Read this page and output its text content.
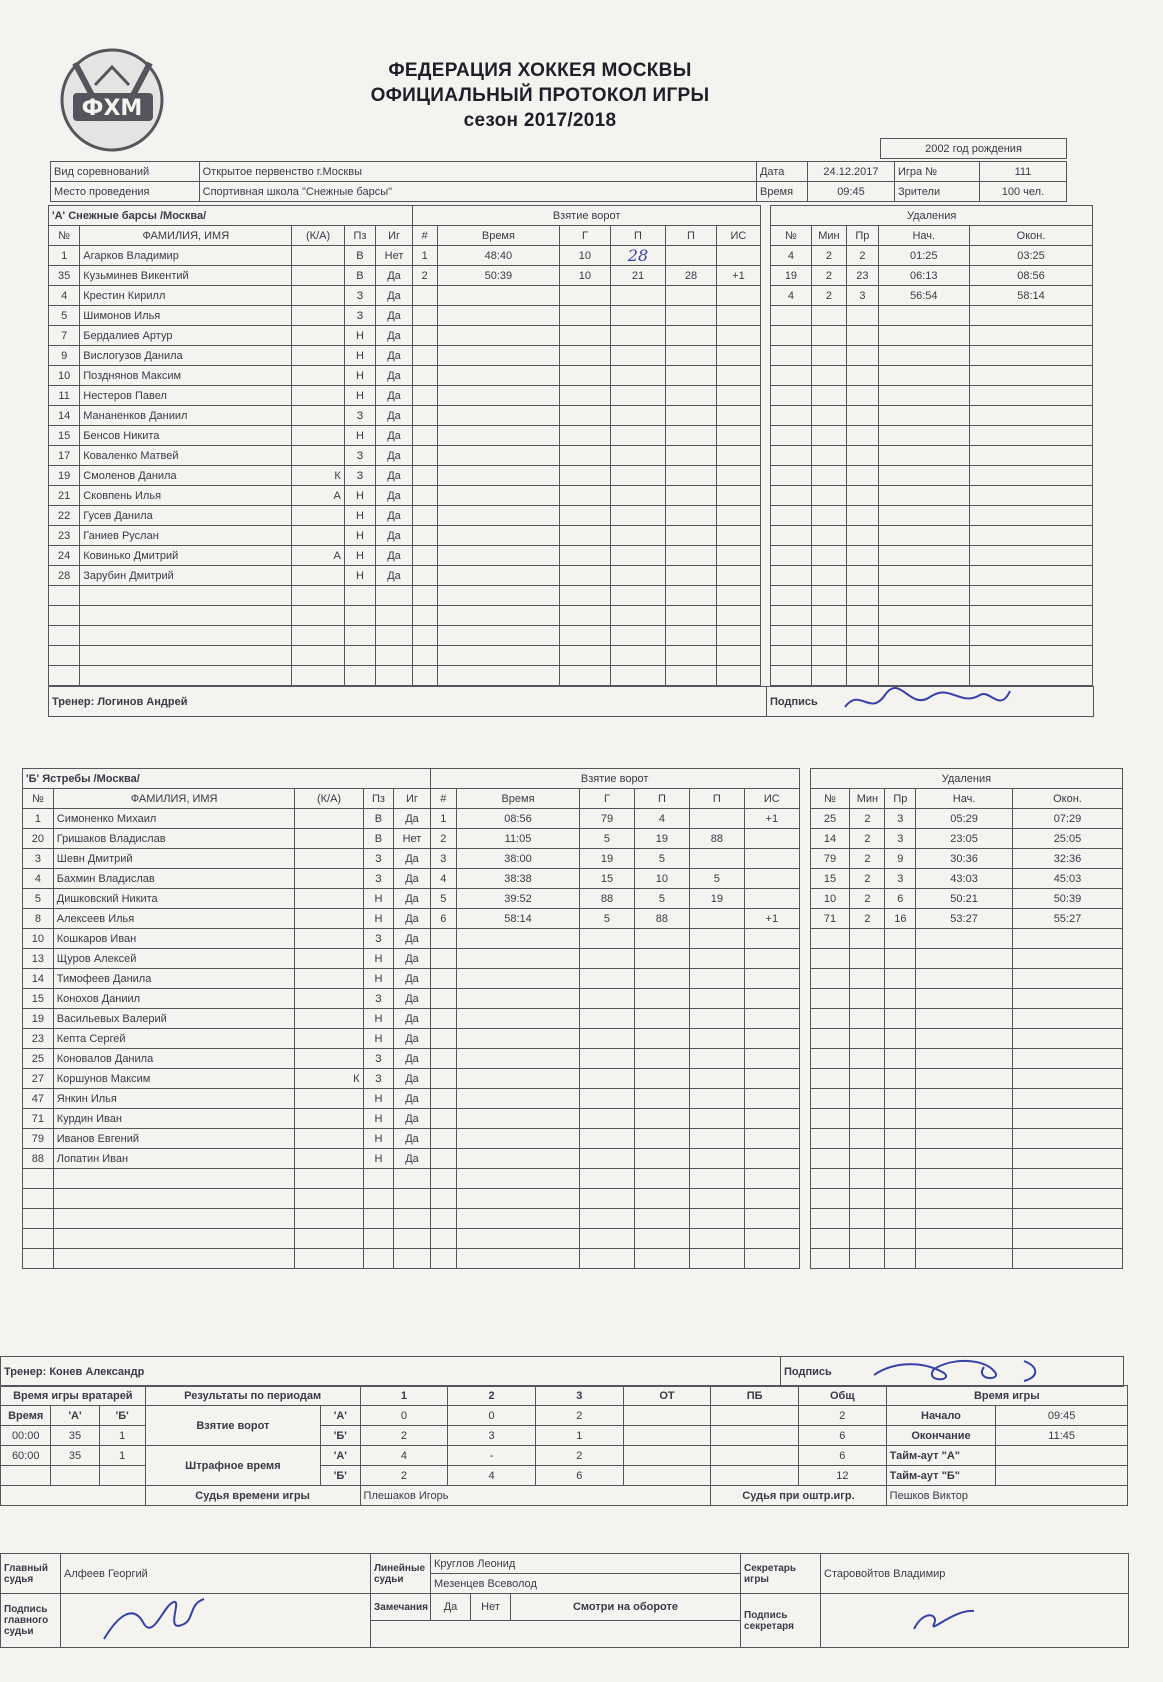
ФХМ
ФЕДЕРАЦИЯ ХОККЕЯ МОСКВЫ
ОФИЦИАЛЬНЫЙ ПРОТОКОЛ ИГРЫ
сезон 2017/2018
2002 год рождения
Вид соревнований	Открытое первенство г.Москвы	Дата	24.12.2017	Игра №	111
Место проведения	Спортивная школа "Снежные барсы"	Время	09:45	Зрители	100 чел.
'А' Снежные барсы /Москва/					Взятие ворот							Удаления				
№	ФАМИЛИЯ, ИМЯ	(К/А)	Пз	Иг	#	Время	Г	П	П	ИС		№	Мин	Пр	Нач.	Окон.
1	Агарков Владимир		В	Нет	1	48:40	10	28				4	2	2	01:25	03:25
35	Кузьминев Викентий		В	Да	2	50:39	10	21	28	+1		19	2	23	06:13	08:56
4	Крестин Кирилл		З	Да								4	2	3	56:54	58:14
5	Шимонов Илья		З	Да												
7	Бердалиев Артур		Н	Да												
9	Вислогузов Данила		Н	Да												
10	Позднянов Максим		Н	Да												
11	Нестеров Павел		Н	Да												
14	Мананенков Даниил		З	Да												
15	Бенсов Никита		Н	Да												
17	Коваленко Матвей		З	Да												
19	Смоленов Данила	К	З	Да												
21	Сковпень Илья	А	Н	Да												
22	Гусев Данила		Н	Да												
23	Ганиев Руслан		Н	Да												
24	Ковинько Дмитрий	А	Н	Да												
28	Зарубин Дмитрий		Н	Да												

Тренер: Логинов Андрей	Подпись	
'Б' Ястребы /Москва/					Взятие ворот							Удаления				
№	ФАМИЛИЯ, ИМЯ	(К/А)	Пз	Иг	#	Время	Г	П	П	ИС		№	Мин	Пр	Нач.	Окон.
1	Симоненко Михаил		В	Да	1	08:56	79	4		+1		25	2	3	05:29	07:29
20	Гришаков Владислав		В	Нет	2	11:05	5	19	88			14	2	3	23:05	25:05
3	Шевн Дмитрий		З	Да	3	38:00	19	5				79	2	9	30:36	32:36
4	Бахмин Владислав		З	Да	4	38:38	15	10	5			15	2	3	43:03	45:03
5	Дишковский Никита		Н	Да	5	39:52	88	5	19			10	2	6	50:21	50:39
8	Алексеев Илья		Н	Да	6	58:14	5	88		+1		71	2	16	53:27	55:27
10	Кошкаров Иван		З	Да												
13	Щуров Алексей		Н	Да												
14	Тимофеев Данила		Н	Да												
15	Конохов Даниил		З	Да												
19	Васильевых Валерий		Н	Да												
23	Кепта Сергей		Н	Да												
25	Коновалов Данила		З	Да												
27	Коршунов Максим	К	З	Да												
47	Янкин Илья		Н	Да												
71	Курдин Иван		Н	Да												
79	Иванов Евгений		Н	Да												
88	Лопатин Иван		Н	Да												

Тренер: Конев Александр	Подпись	
Время игры вратарей			Результаты по периодам		1	2	3	ОТ	ПБ	Общ	Время игры	
Время	'А'	'Б'	Взятие ворот	'А'	0	0	2			2	Начало	09:45
00:00	35	1		'Б'	2	3	1			6	Окончание	11:45
60:00	35	1	Штрафное время	'А'	4	-	2			6	Тайм-аут "А"	
				'Б'	2	4	6			12	Тайм-аут "Б"	
			Судья времени игры		Плешаков Игорь				Судья при оштр.игр.		Пешков Виктор	
Главный судья	Алфеев Георгий	Линейные судьи	Круглов Леонид			Секретарь игры	Старовойтов Владимир
			Мезенцев Всеволод				
Подпись главного судьи		Замечания	Да	Нет	Смотри на обороте	Подпись секретаря	
